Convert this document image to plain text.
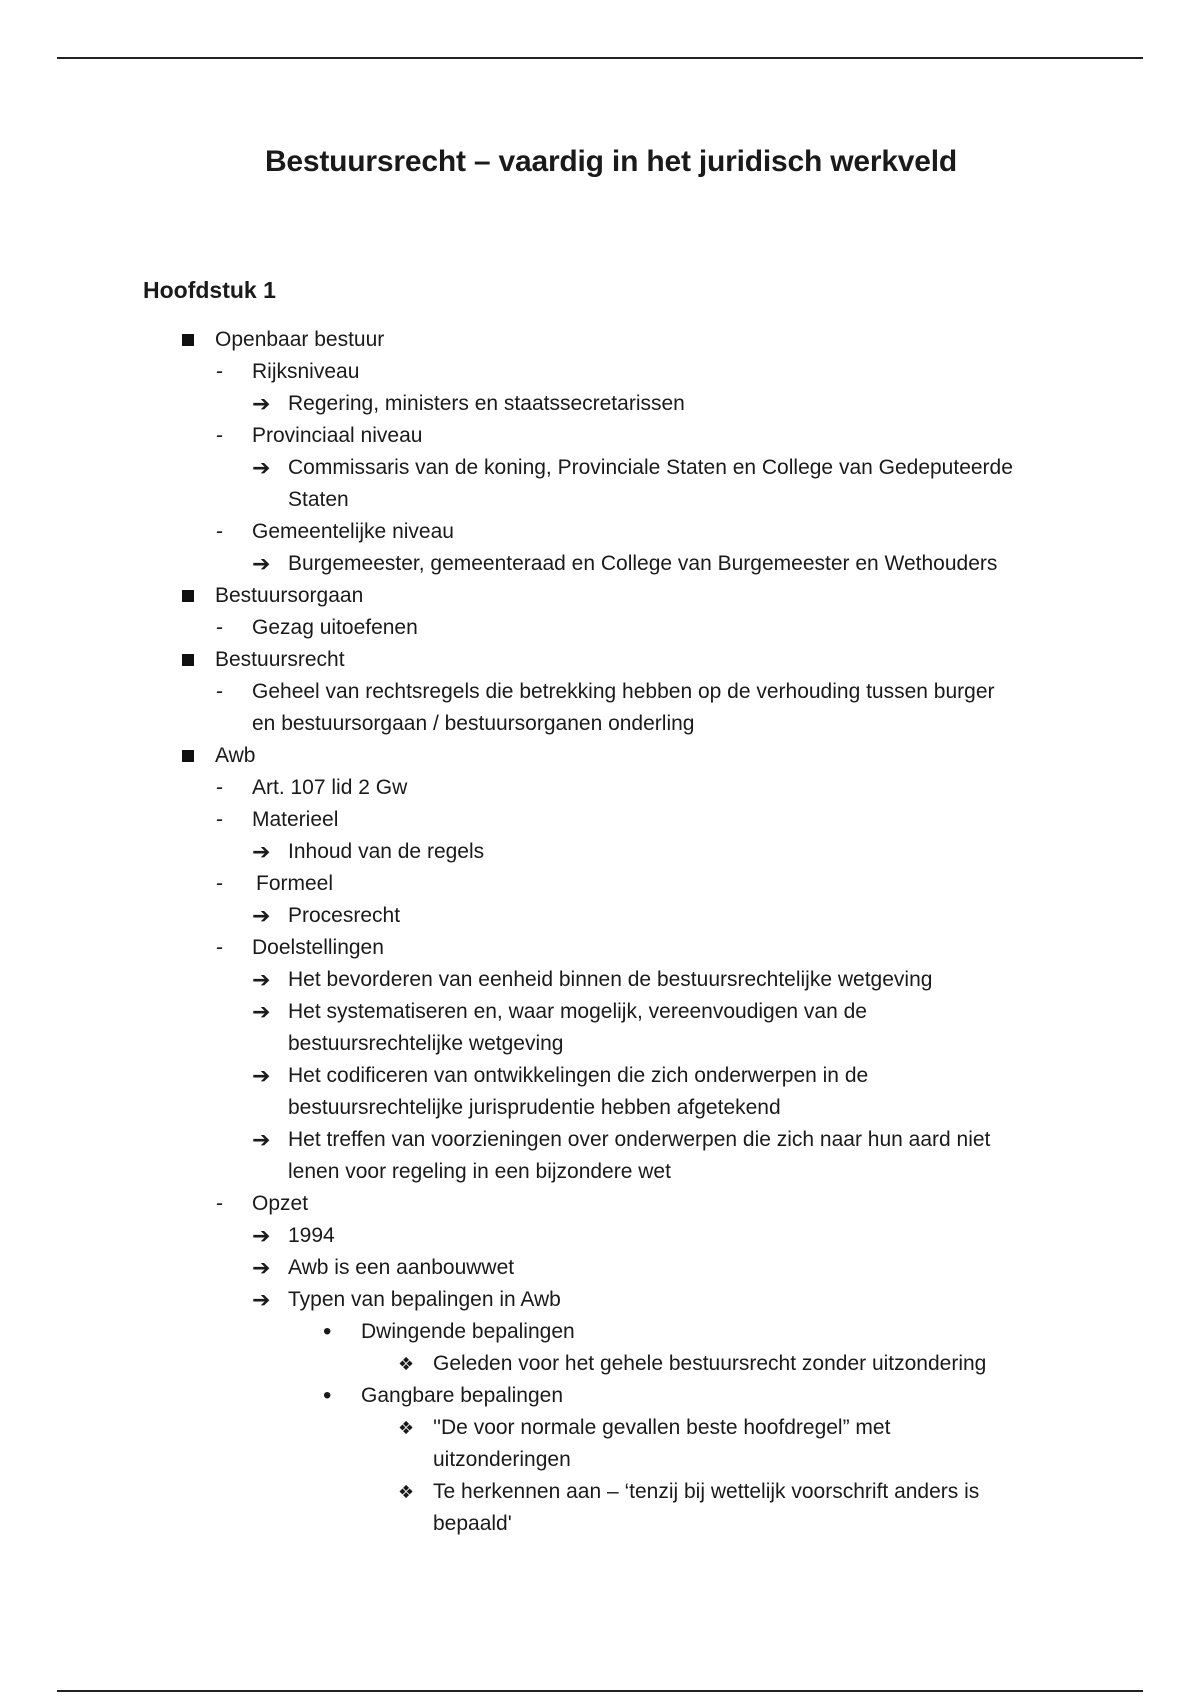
Bestuursrecht – vaardig in het juridisch werkveld
Hoofdstuk 1
Openbaar bestuur
- Rijksniveau
➔ Regering, ministers en staatssecretarissen
- Provinciaal niveau
➔ Commissaris van de koning, Provinciale Staten en College van Gedeputeerde
Staten
- Gemeentelijke niveau
➔ Burgemeester, gemeenteraad en College van Burgemeester en Wethouders
Bestuursorgaan
- Gezag uitoefenen
Bestuursrecht
- Geheel van rechtsregels die betrekking hebben op de verhouding tussen burger
en bestuursorgaan / bestuursorganen onderling
Awb
- Art. 107 lid 2 Gw
- Materieel
➔ Inhoud van de regels
- Formeel
➔ Procesrecht
- Doelstellingen
➔ Het bevorderen van eenheid binnen de bestuursrechtelijke wetgeving
➔ Het systematiseren en, waar mogelijk, vereenvoudigen van de
bestuursrechtelijke wetgeving
➔ Het codificeren van ontwikkelingen die zich onderwerpen in de
bestuursrechtelijke jurisprudentie hebben afgetekend
➔ Het treffen van voorzieningen over onderwerpen die zich naar hun aard niet
lenen voor regeling in een bijzondere wet
- Opzet
➔ 1994
➔ Awb is een aanbouwwet
➔ Typen van bepalingen in Awb
• Dwingende bepalingen
❖ Geleden voor het gehele bestuursrecht zonder uitzondering
• Gangbare bepalingen
❖ ''De voor normale gevallen beste hoofdregel” met
uitzonderingen
❖ Te herkennen aan – ‘tenzij bij wettelijk voorschrift anders is
bepaald'
